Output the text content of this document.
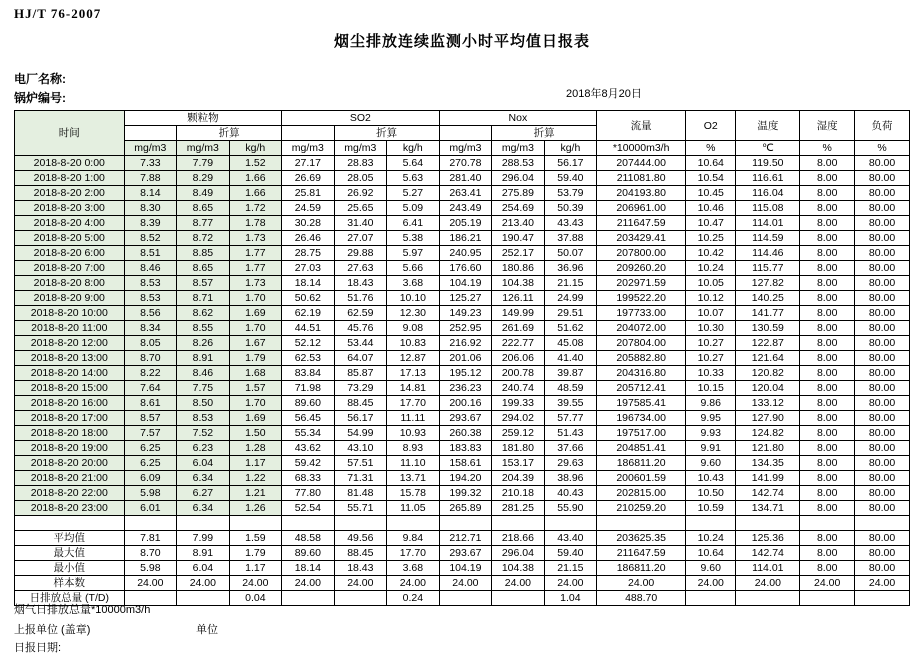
HJ/T 76-2007
烟尘排放连续监测小时平均值日报表
电厂名称:
锅炉编号:	2018年8月20日
时间	颗粒物			SO2			Nox			流量	O2	温度	湿度	负荷
		折算			折算			折算						
	mg/m3	mg/m3	kg/h	mg/m3	mg/m3	kg/h	mg/m3	mg/m3	kg/h	*10000m3/h	%	℃	%	%
2018-8-20 0:00	7.33	7.79	1.52	27.17	28.83	5.64	270.78	288.53	56.17	207444.00	10.64	119.50	8.00	80.00
2018-8-20 1:00	7.88	8.29	1.66	26.69	28.05	5.63	281.40	296.04	59.40	211081.80	10.54	116.61	8.00	80.00
2018-8-20 2:00	8.14	8.49	1.66	25.81	26.92	5.27	263.41	275.89	53.79	204193.80	10.45	116.04	8.00	80.00
2018-8-20 3:00	8.30	8.65	1.72	24.59	25.65	5.09	243.49	254.69	50.39	206961.00	10.46	115.08	8.00	80.00
2018-8-20 4:00	8.39	8.77	1.78	30.28	31.40	6.41	205.19	213.40	43.43	211647.59	10.47	114.01	8.00	80.00
2018-8-20 5:00	8.52	8.72	1.73	26.46	27.07	5.38	186.21	190.47	37.88	203429.41	10.25	114.59	8.00	80.00
2018-8-20 6:00	8.51	8.85	1.77	28.75	29.88	5.97	240.95	252.17	50.07	207800.00	10.42	114.46	8.00	80.00
2018-8-20 7:00	8.46	8.65	1.77	27.03	27.63	5.66	176.60	180.86	36.96	209260.20	10.24	115.77	8.00	80.00
2018-8-20 8:00	8.53	8.57	1.73	18.14	18.43	3.68	104.19	104.38	21.15	202971.59	10.05	127.82	8.00	80.00
2018-8-20 9:00	8.53	8.71	1.70	50.62	51.76	10.10	125.27	126.11	24.99	199522.20	10.12	140.25	8.00	80.00
2018-8-20 10:00	8.56	8.62	1.69	62.19	62.59	12.30	149.23	149.99	29.51	197733.00	10.07	141.77	8.00	80.00
2018-8-20 11:00	8.34	8.55	1.70	44.51	45.76	9.08	252.95	261.69	51.62	204072.00	10.30	130.59	8.00	80.00
2018-8-20 12:00	8.05	8.26	1.67	52.12	53.44	10.83	216.92	222.77	45.08	207804.00	10.27	122.87	8.00	80.00
2018-8-20 13:00	8.70	8.91	1.79	62.53	64.07	12.87	201.06	206.06	41.40	205882.80	10.27	121.64	8.00	80.00
2018-8-20 14:00	8.22	8.46	1.68	83.84	85.87	17.13	195.12	200.78	39.87	204316.80	10.33	120.82	8.00	80.00
2018-8-20 15:00	7.64	7.75	1.57	71.98	73.29	14.81	236.23	240.74	48.59	205712.41	10.15	120.04	8.00	80.00
2018-8-20 16:00	8.61	8.50	1.70	89.60	88.45	17.70	200.16	199.33	39.55	197585.41	9.86	133.12	8.00	80.00
2018-8-20 17:00	8.57	8.53	1.69	56.45	56.17	11.11	293.67	294.02	57.77	196734.00	9.95	127.90	8.00	80.00
2018-8-20 18:00	7.57	7.52	1.50	55.34	54.99	10.93	260.38	259.12	51.43	197517.00	9.93	124.82	8.00	80.00
2018-8-20 19:00	6.25	6.23	1.28	43.62	43.10	8.93	183.83	181.80	37.66	204851.41	9.91	121.80	8.00	80.00
2018-8-20 20:00	6.25	6.04	1.17	59.42	57.51	11.10	158.61	153.17	29.63	186811.20	9.60	134.35	8.00	80.00
2018-8-20 21:00	6.09	6.34	1.22	68.33	71.31	13.71	194.20	204.39	38.96	200601.59	10.43	141.99	8.00	80.00
2018-8-20 22:00	5.98	6.27	1.21	77.80	81.48	15.78	199.32	210.18	40.43	202815.00	10.50	142.74	8.00	80.00
2018-8-20 23:00	6.01	6.34	1.26	52.54	55.71	11.05	265.89	281.25	55.90	210259.20	10.59	134.71	8.00	80.00

平均值	7.81	7.99	1.59	48.58	49.56	9.84	212.71	218.66	43.40	203625.35	10.24	125.36	8.00	80.00
最大值	8.70	8.91	1.79	89.60	88.45	17.70	293.67	296.04	59.40	211647.59	10.64	142.74	8.00	80.00
最小值	5.98	6.04	1.17	18.14	18.43	3.68	104.19	104.38	21.15	186811.20	9.60	114.01	8.00	80.00
样本数	24.00	24.00	24.00	24.00	24.00	24.00	24.00	24.00	24.00	24.00	24.00	24.00	24.00	24.00
日排放总量 (T/D)			0.04			0.24			1.04	488.70				
烟气日排放总量*10000m3/h
上报单位 (盖章)	单位
日报日期:
